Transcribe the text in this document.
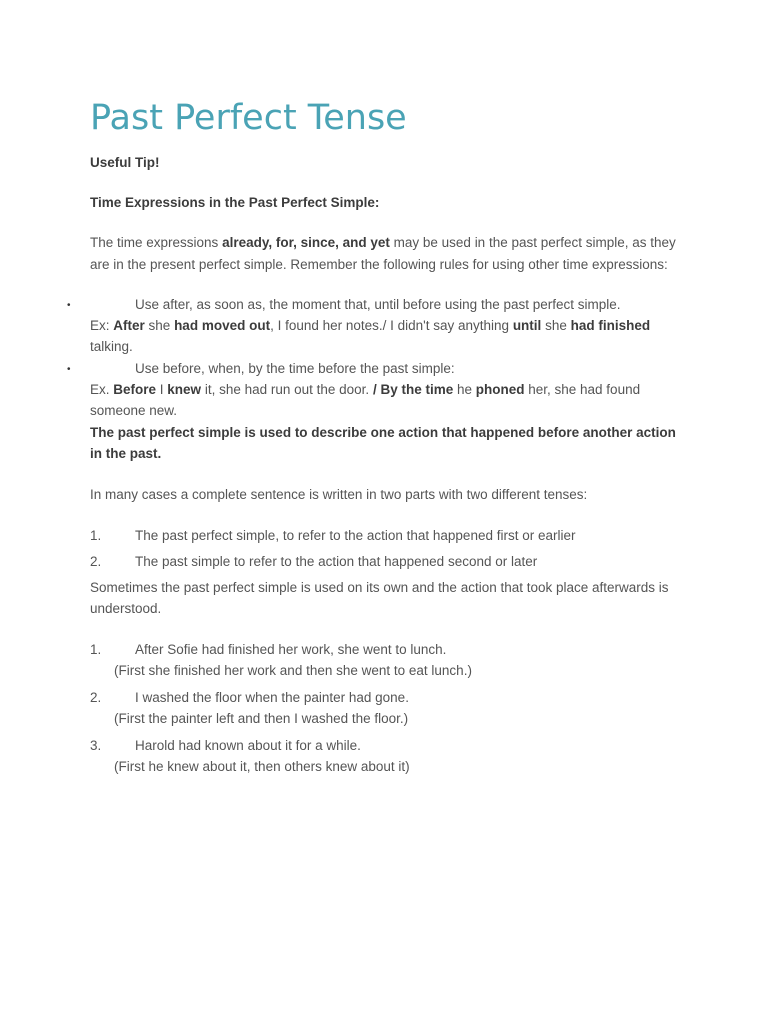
Past Perfect Tense

Useful Tip!

Time Expressions in the Past Perfect Simple:

The time expressions already, for, since, and yet may be used in the past perfect simple, as they

are in the present perfect simple. Remember the following rules for using other time expressions:

•	Use after, as soon as, the moment that, until before using the past perfect simple.

Ex: After she had moved out, I found her notes./ I didn't say anything until she had finished

talking.

•	Use before, when, by the time before the past simple:

Ex. Before I knew it, she had run out the door. / By the time he phoned her, she had found

someone new.

The past perfect simple is used to describe one action that happened before another action

in the past.

In many cases a complete sentence is written in two parts with two different tenses:

1. The past perfect simple, to refer to the action that happened first or earlier

2. The past simple to refer to the action that happened second or later

Sometimes the past perfect simple is used on its own and the action that took place afterwards is

understood.

1. After Sofie had finished her work, she went to lunch.

(First she finished her work and then she went to eat lunch.)

2. I washed the floor when the painter had gone.

(First the painter left and then I washed the floor.)

3. Harold had known about it for a while.

(First he knew about it, then others knew about it)
